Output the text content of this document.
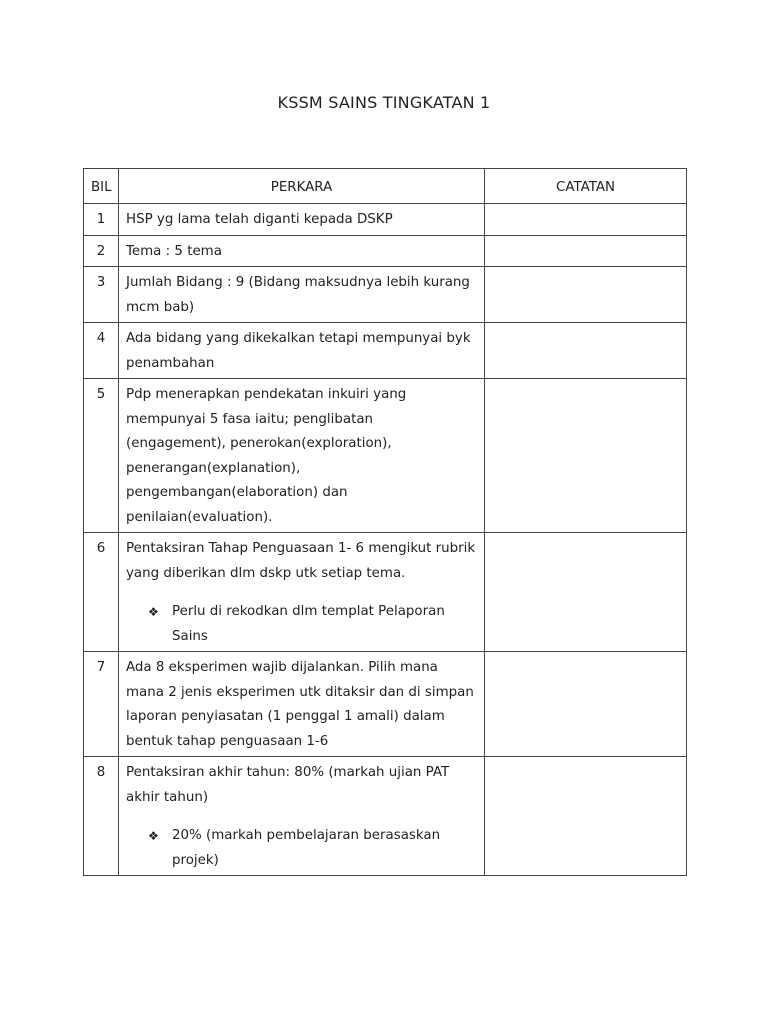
KSSM SAINS TINGKATAN 1
BIL	PERKARA	CATATAN
1	HSP yg lama telah diganti kepada DSKP	
2	Tema : 5 tema	
3	Jumlah Bidang : 9 (Bidang maksudnya lebih kurang mcm bab)	
4	Ada bidang yang dikekalkan tetapi mempunyai byk penambahan	
5	Pdp menerapkan pendekatan inkuiri yang mempunyai 5 fasa iaitu; penglibatan (engagement), penerokan(exploration), penerangan(explanation), pengembangan(elaboration) dan penilaian(evaluation).	
6	Pentaksiran Tahap Penguasaan 1- 6 mengikut rubrik yang diberikan dlm dskp utk setiap tema.
❖ Perlu di rekodkan dlm templat Pelaporan Sains	

7	Ada 8 eksperimen wajib dijalankan. Pilih mana mana 2 jenis eksperimen utk ditaksir dan di simpan laporan penyiasatan (1 penggal 1 amali) dalam bentuk tahap penguasaan 1-6	
8	Pentaksiran akhir tahun: 80% (markah ujian PAT akhir tahun)
❖ 20% (markah pembelajaran berasaskan projek)	
